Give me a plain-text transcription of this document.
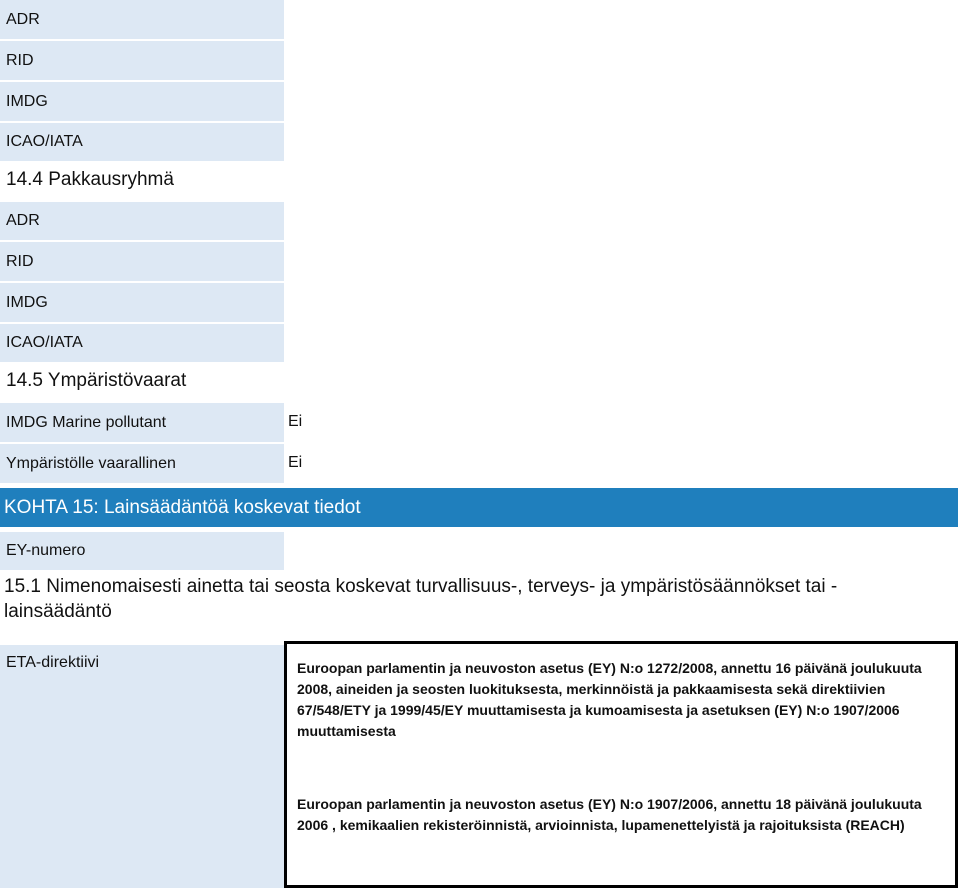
ADR
RID
IMDG
ICAO/IATA
14.4 Pakkausryhmä
ADR
RID
IMDG
ICAO/IATA
14.5 Ympäristövaarat
IMDG Marine pollutant	Ei
Ympäristölle vaarallinen	Ei
KOHTA 15: Lainsäädäntöä koskevat tiedot
EY-numero
15.1 Nimenomaisesti ainetta tai seosta koskevat turvallisuus-, terveys- ja ympäristösäännökset tai -lainsäädäntö
ETA-direktiivi	Euroopan parlamentin ja neuvoston asetus (EY) N:o 1272/2008, annettu 16 päivänä joulukuuta 2008, aineiden ja seosten luokituksesta, merkinnöistä ja pakkaamisesta sekä direktiivien 67/548/ETY ja 1999/45/EY muuttamisesta ja kumoamisesta ja asetuksen (EY) N:o 1907/2006 muuttamisesta
Euroopan parlamentin ja neuvoston asetus (EY) N:o 1907/2006, annettu 18 päivänä joulukuuta 2006 , kemikaalien rekisteröinnistä, arvioinnista, lupamenettelyistä ja rajoituksista (REACH)
